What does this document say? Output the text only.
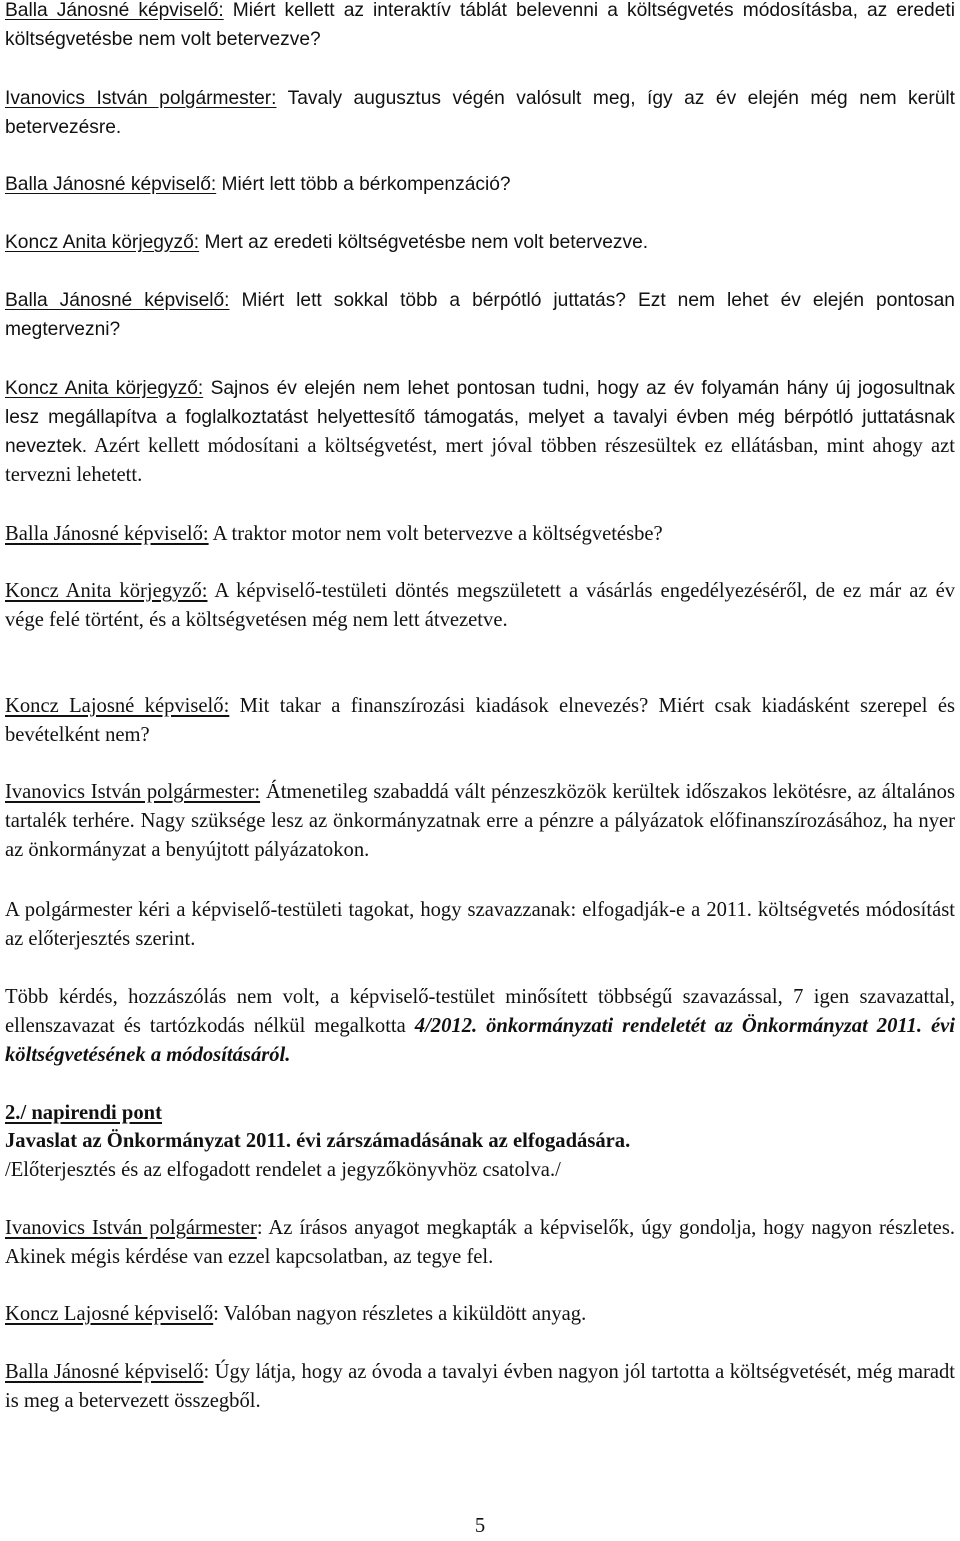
Balla Jánosné képviselő: Miért kellett az interaktív táblát belevenni a költségvetés módosításba, az eredeti költségvetésbe nem volt betervezve?

Ivanovics István polgármester: Tavaly augusztus végén valósult meg, így az év elején még nem került betervezésre.

Balla Jánosné képviselő: Miért lett több a bérkompenzáció?

Koncz Anita körjegyző: Mert az eredeti költségvetésbe nem volt betervezve.

Balla Jánosné képviselő: Miért lett sokkal több a bérpótló juttatás? Ezt nem lehet év elején pontosan megtervezni?

Koncz Anita körjegyző: Sajnos év elején nem lehet pontosan tudni, hogy az év folyamán hány új jogosultnak lesz megállapítva a foglalkoztatást helyettesítő támogatás, melyet a tavalyi évben még bérpótló juttatásnak neveztek. Azért kellett módosítani a költségvetést, mert jóval többen részesültek ez ellátásban, mint ahogy azt tervezni lehetett.

Balla Jánosné képviselő: A traktor motor nem volt betervezve a költségvetésbe?

Koncz Anita körjegyző: A képviselő-testületi döntés megszületett a vásárlás engedélyezéséről, de ez már az év vége felé történt, és a költségvetésen még nem lett átvezetve.

Koncz Lajosné képviselő: Mit takar a finanszírozási kiadások elnevezés? Miért csak kiadásként szerepel és bevételként nem?

Ivanovics István polgármester: Átmenetileg szabaddá vált pénzeszközök kerültek időszakos lekötésre, az általános tartalék terhére. Nagy szüksége lesz az önkormányzatnak erre a pénzre a pályázatok előfinanszírozásához, ha nyer az önkormányzat a benyújtott pályázatokon.

A polgármester kéri a képviselő-testületi tagokat, hogy szavazzanak: elfogadják-e a 2011. költségvetés módosítást az előterjesztés szerint.

Több kérdés, hozzászólás nem volt, a képviselő-testület minősített többségű szavazással, 7 igen szavazattal, ellenszavazat és tartózkodás nélkül megalkotta 4/2012. önkormányzati rendeletét az Önkormányzat 2011. évi költségvetésének a módosításáról.

2./ napirendi pont

Javaslat az Önkormányzat 2011. évi zárszámadásának az elfogadására.

/Előterjesztés és az elfogadott rendelet a jegyzőkönyvhöz csatolva./

Ivanovics István polgármester: Az írásos anyagot megkapták a képviselők, úgy gondolja, hogy nagyon részletes. Akinek mégis kérdése van ezzel kapcsolatban, az tegye fel.

Koncz Lajosné képviselő: Valóban nagyon részletes a kiküldött anyag.

Balla Jánosné képviselő: Úgy látja, hogy az óvoda a tavalyi évben nagyon jól tartotta a költségvetését, még maradt is meg a betervezett összegből.

5
